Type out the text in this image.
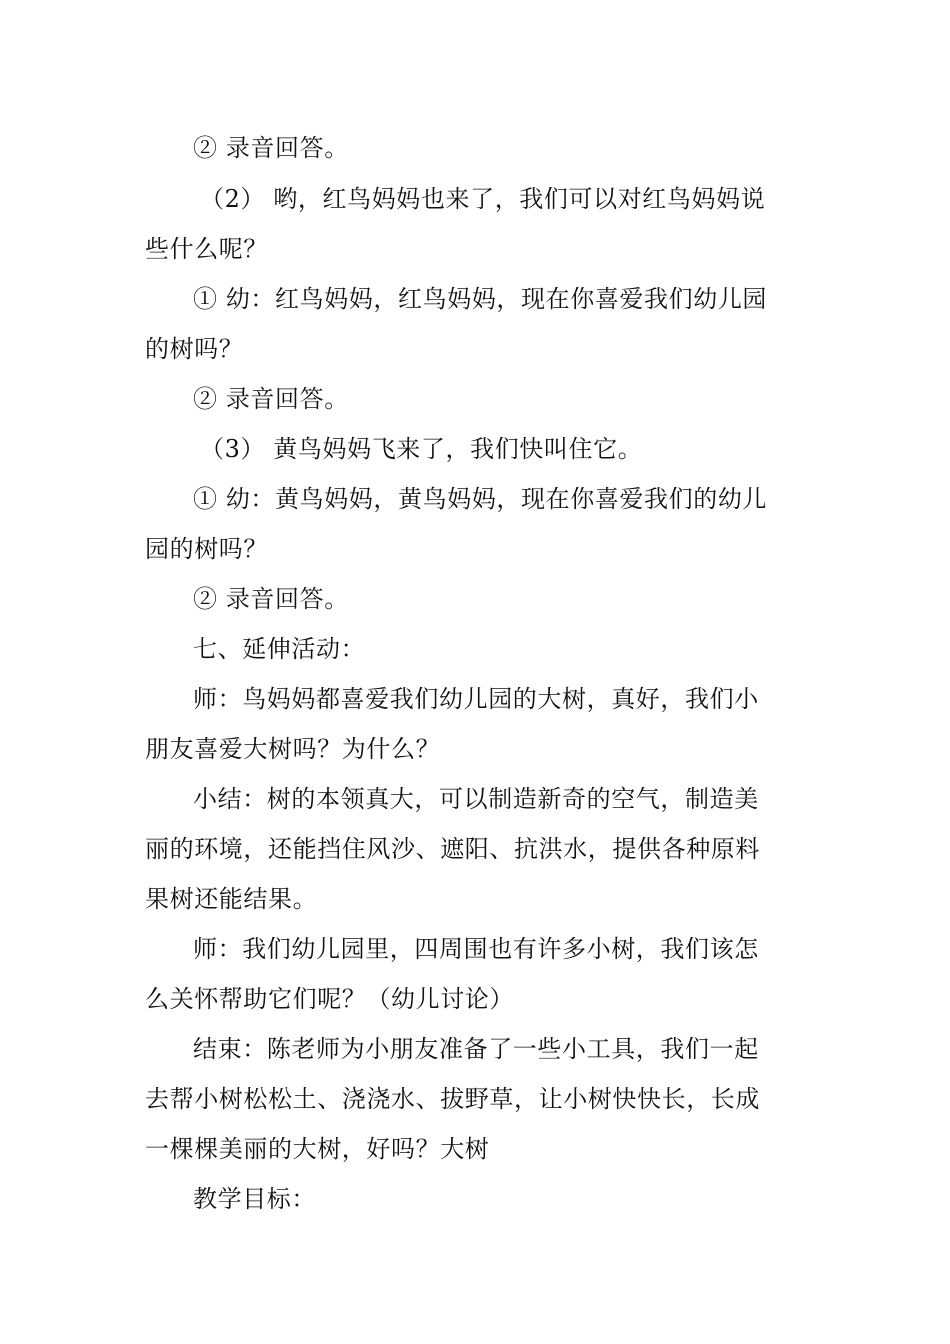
② 录音回答。
（2） 哟，红鸟妈妈也来了，我们可以对红鸟妈妈说
些什么呢？
① 幼：红鸟妈妈，红鸟妈妈，现在你喜爱我们幼儿园
的树吗？
② 录音回答。
（3） 黄鸟妈妈飞来了，我们快叫住它。
① 幼：黄鸟妈妈，黄鸟妈妈，现在你喜爱我们的幼儿
园的树吗？
② 录音回答。
七、延伸活动：
师：鸟妈妈都喜爱我们幼儿园的大树，真好，我们小
朋友喜爱大树吗？为什么？
小结：树的本领真大，可以制造新奇的空气，制造美
丽的环境，还能挡住风沙、遮阳、抗洪水，提供各种原料
果树还能结果。
师：我们幼儿园里，四周围也有许多小树，我们该怎
么关怀帮助它们呢？（幼儿讨论）
结束：陈老师为小朋友准备了一些小工具，我们一起
去帮小树松松土、浇浇水、拔野草，让小树快快长，长成
一棵棵美丽的大树，好吗？大树
教学目标：
